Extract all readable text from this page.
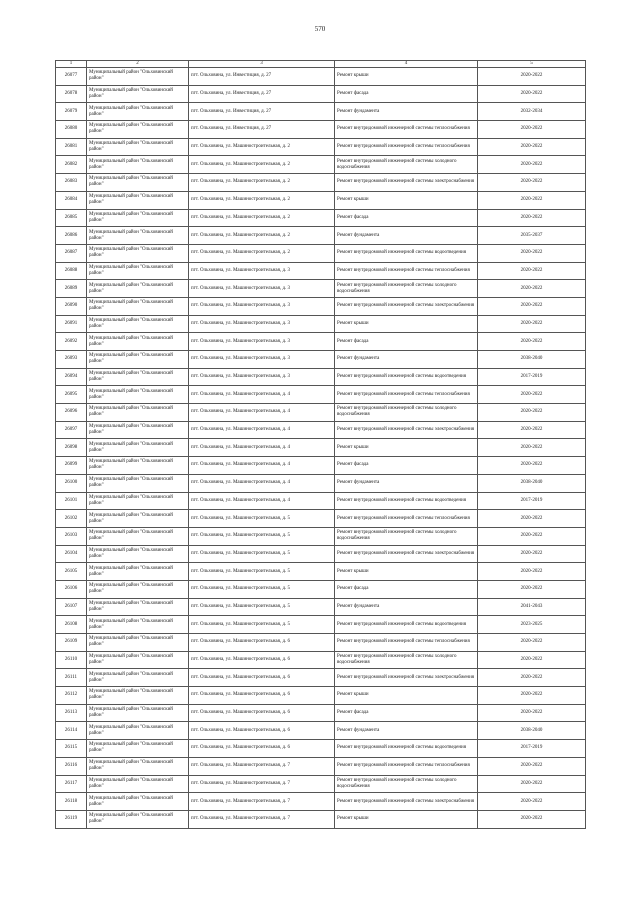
570
1	2	3	4	5
26077	Муниципальный район "Ольховинский район"	пгт. Ольховина, ул. Инвестиция, д. 27	Ремонт крыши	2020-2022
26078	Муниципальный район "Ольховинский район"	пгт. Ольховина, ул. Инвестиция, д. 27	Ремонт фасада	2020-2022
26079	Муниципальный район "Ольховинский район"	пгт. Ольховина, ул. Инвестиция, д. 27	Ремонт фундамента	2032-2034
26080	Муниципальный район "Ольховинский район"	пгт. Ольховина, ул. Инвестиция, д. 27	Ремонт внутридомовой инженерной системы теплоснабжения	2020-2022
26081	Муниципальный район "Ольховинский район"	пгт. Ольховина, ул. Машиностроительная, д. 2	Ремонт внутридомовой инженерной системы теплоснабжения	2020-2022
26082	Муниципальный район "Ольховинский район"	пгт. Ольховина, ул. Машиностроительная, д. 2	Ремонт внутридомовой инженерной системы холодного водоснабжения	2020-2022
26083	Муниципальный район "Ольховинский район"	пгт. Ольховина, ул. Машиностроительная, д. 2	Ремонт внутридомовой инженерной системы электроснабжения	2020-2022
26084	Муниципальный район "Ольховинский район"	пгт. Ольховина, ул. Машиностроительная, д. 2	Ремонт крыши	2020-2022
26085	Муниципальный район "Ольховинский район"	пгт. Ольховина, ул. Машиностроительная, д. 2	Ремонт фасада	2020-2022
26086	Муниципальный район "Ольховинский район"	пгт. Ольховина, ул. Машиностроительная, д. 2	Ремонт фундамента	2035-2037
26087	Муниципальный район "Ольховинский район"	пгт. Ольховина, ул. Машиностроительная, д. 2	Ремонт внутридомовой инженерной системы водоотведения	2020-2022
26088	Муниципальный район "Ольховинский район"	пгт. Ольховина, ул. Машиностроительная, д. 3	Ремонт внутридомовой инженерной системы теплоснабжения	2020-2022
26089	Муниципальный район "Ольховинский район"	пгт. Ольховина, ул. Машиностроительная, д. 3	Ремонт внутридомовой инженерной системы холодного водоснабжения	2020-2022
26090	Муниципальный район "Ольховинский район"	пгт. Ольховина, ул. Машиностроительная, д. 3	Ремонт внутридомовой инженерной системы электроснабжения	2020-2022
26091	Муниципальный район "Ольховинский район"	пгт. Ольховина, ул. Машиностроительная, д. 3	Ремонт крыши	2020-2022
26092	Муниципальный район "Ольховинский район"	пгт. Ольховина, ул. Машиностроительная, д. 3	Ремонт фасада	2020-2022
26093	Муниципальный район "Ольховинский район"	пгт. Ольховина, ул. Машиностроительная, д. 3	Ремонт фундамента	2038-2040
26094	Муниципальный район "Ольховинский район"	пгт. Ольховина, ул. Машиностроительная, д. 3	Ремонт внутридомовой инженерной системы водоотведения	2017-2019
26095	Муниципальный район "Ольховинский район"	пгт. Ольховина, ул. Машиностроительная, д. 4	Ремонт внутридомовой инженерной системы теплоснабжения	2020-2022
26096	Муниципальный район "Ольховинский район"	пгт. Ольховина, ул. Машиностроительная, д. 4	Ремонт внутридомовой инженерной системы холодного водоснабжения	2020-2022
26097	Муниципальный район "Ольховинский район"	пгт. Ольховина, ул. Машиностроительная, д. 4	Ремонт внутридомовой инженерной системы электроснабжения	2020-2022
26098	Муниципальный район "Ольховинский район"	пгт. Ольховина, ул. Машиностроительная, д. 4	Ремонт крыши	2020-2022
26099	Муниципальный район "Ольховинский район"	пгт. Ольховина, ул. Машиностроительная, д. 4	Ремонт фасада	2020-2022
26100	Муниципальный район "Ольховинский район"	пгт. Ольховина, ул. Машиностроительная, д. 4	Ремонт фундамента	2038-2040
26101	Муниципальный район "Ольховинский район"	пгт. Ольховина, ул. Машиностроительная, д. 4	Ремонт внутридомовой инженерной системы водоотведения	2017-2019
26102	Муниципальный район "Ольховинский район"	пгт. Ольховина, ул. Машиностроительная, д. 5	Ремонт внутридомовой инженерной системы теплоснабжения	2020-2022
26103	Муниципальный район "Ольховинский район"	пгт. Ольховина, ул. Машиностроительная, д. 5	Ремонт внутридомовой инженерной системы холодного водоснабжения	2020-2022
26104	Муниципальный район "Ольховинский район"	пгт. Ольховина, ул. Машиностроительная, д. 5	Ремонт внутридомовой инженерной системы электроснабжения	2020-2022
26105	Муниципальный район "Ольховинский район"	пгт. Ольховина, ул. Машиностроительная, д. 5	Ремонт крыши	2020-2022
26106	Муниципальный район "Ольховинский район"	пгт. Ольховина, ул. Машиностроительная, д. 5	Ремонт фасада	2020-2022
26107	Муниципальный район "Ольховинский район"	пгт. Ольховина, ул. Машиностроительная, д. 5	Ремонт фундамента	2041-2043
26108	Муниципальный район "Ольховинский район"	пгт. Ольховина, ул. Машиностроительная, д. 5	Ремонт внутридомовой инженерной системы водоотведения	2023-2025
26109	Муниципальный район "Ольховинский район"	пгт. Ольховина, ул. Машиностроительная, д. 6	Ремонт внутридомовой инженерной системы теплоснабжения	2020-2022
26110	Муниципальный район "Ольховинский район"	пгт. Ольховина, ул. Машиностроительная, д. 6	Ремонт внутридомовой инженерной системы холодного водоснабжения	2020-2022
26111	Муниципальный район "Ольховинский район"	пгт. Ольховина, ул. Машиностроительная, д. 6	Ремонт внутридомовой инженерной системы электроснабжения	2020-2022
26112	Муниципальный район "Ольховинский район"	пгт. Ольховина, ул. Машиностроительная, д. 6	Ремонт крыши	2020-2022
26113	Муниципальный район "Ольховинский район"	пгт. Ольховина, ул. Машиностроительная, д. 6	Ремонт фасада	2020-2022
26114	Муниципальный район "Ольховинский район"	пгт. Ольховина, ул. Машиностроительная, д. 6	Ремонт фундамента	2038-2040
26115	Муниципальный район "Ольховинский район"	пгт. Ольховина, ул. Машиностроительная, д. 6	Ремонт внутридомовой инженерной системы водоотведения	2017-2019
26116	Муниципальный район "Ольховинский район"	пгт. Ольховина, ул. Машиностроительная, д. 7	Ремонт внутридомовой инженерной системы теплоснабжения	2020-2022
26117	Муниципальный район "Ольховинский район"	пгт. Ольховина, ул. Машиностроительная, д. 7	Ремонт внутридомовой инженерной системы холодного водоснабжения	2020-2022
26118	Муниципальный район "Ольховинский район"	пгт. Ольховина, ул. Машиностроительная, д. 7	Ремонт внутридомовой инженерной системы электроснабжения	2020-2022
26119	Муниципальный район "Ольховинский район"	пгт. Ольховина, ул. Машиностроительная, д. 7	Ремонт крыши	2020-2022
